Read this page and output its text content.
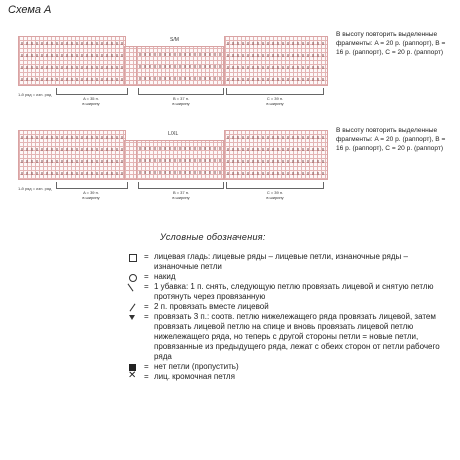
Схема А
S/M
1-й ряд = изн. ряд
A = 35 п.
в ширину
B = 37 п.
в ширину
C = 39 п.
в ширину
В высоту повторить выделенные фрагменты: A = 20 р. (раппорт), B = 16 р. (раппорт), C = 20 р. (раппорт)
L/XL
1-й ряд = изн. ряд
A = 39 п.
в ширину
B = 37 п.
в ширину
C = 39 п.
в ширину
В высоту повторить выделенные фрагменты: A = 20 р. (раппорт), B = 16 р. (раппорт), C = 20 р. (раппорт)
Условные обозначения:
= лицевая гладь: лицевые ряды – лицевые петли, изнаночные ряды – изнаночные петли
= накид
= 1 убавка: 1 п. снять, следующую петлю провязать лицевой и снятую петлю протянуть через провязанную
= 2 п. провязать вместе лицевой
= провязать 3 п.: соотв. петлю нижележащего ряда провязать лицевой, затем провязать лицевой петлю на спице и вновь провязать лицевой петлю нижележащего ряда, но теперь с другой стороны петли = новые петли, провязанные из предыдущего ряда, лежат с обеих сторон от петли рабочего ряда
= нет петли (пропустить)
✕ = лиц. кромочная петля
